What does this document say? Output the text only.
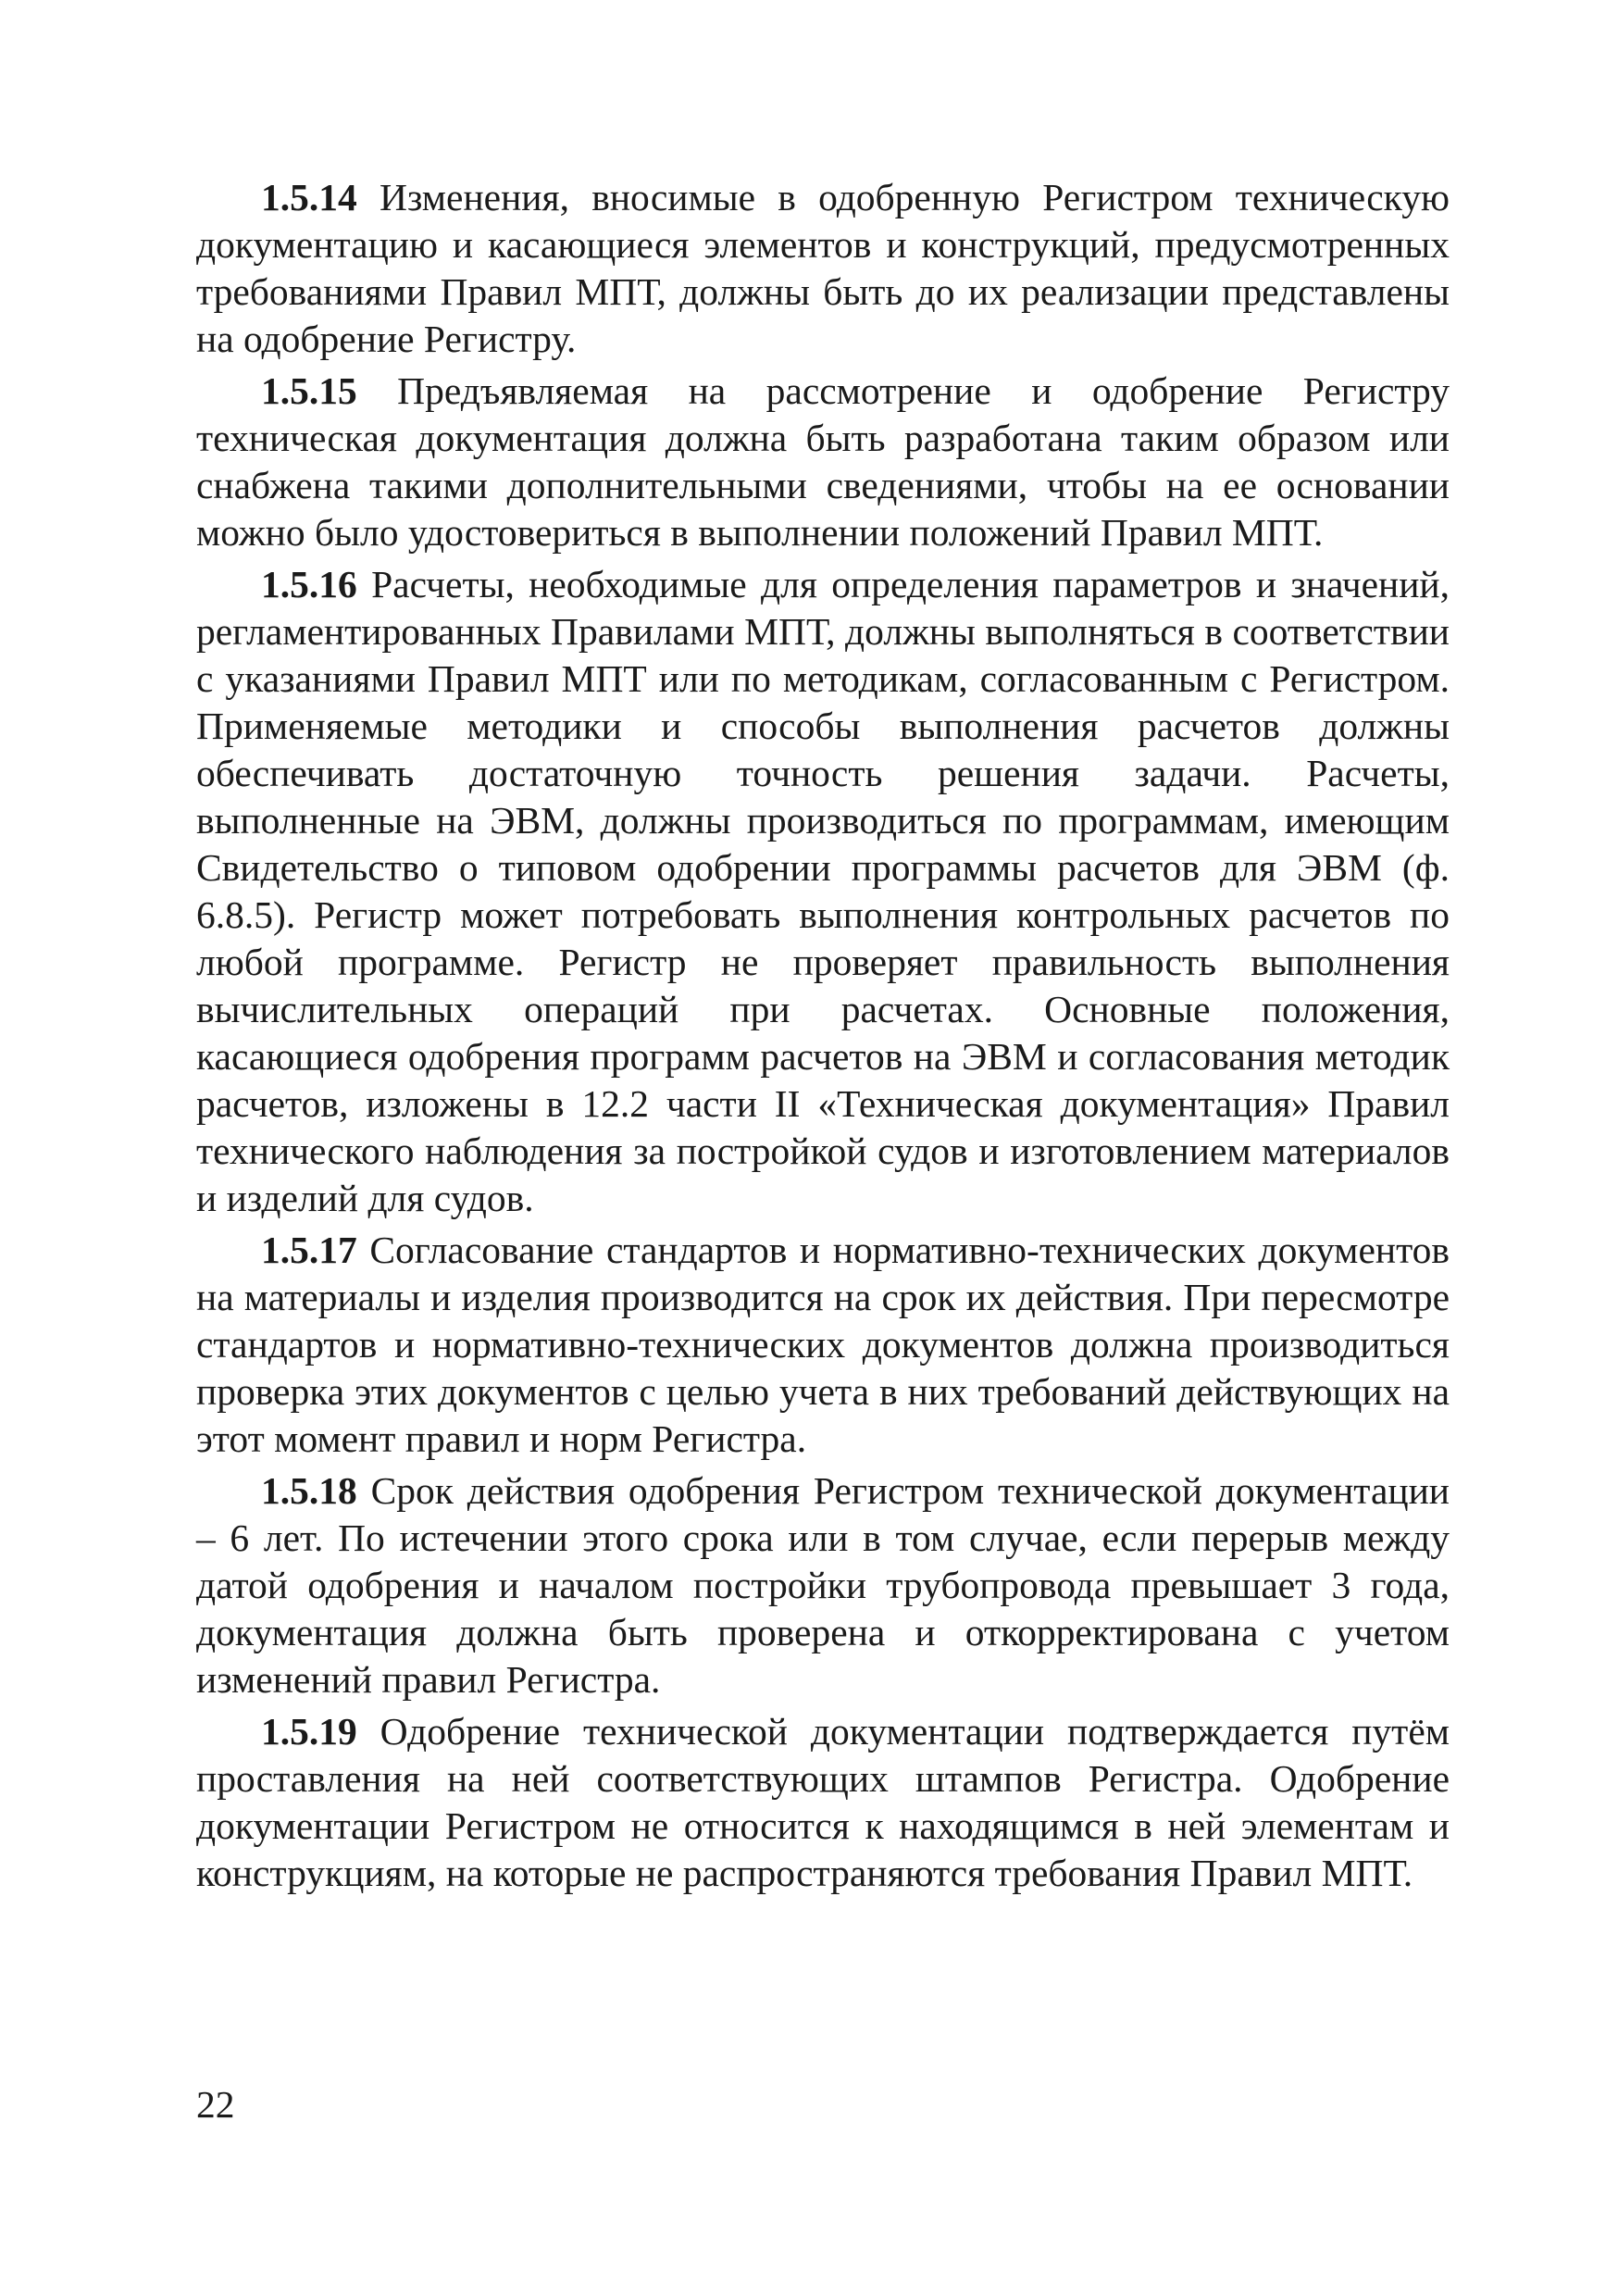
1.5.14 Изменения, вносимые в одобренную Регистром техническую документацию и касающиеся элементов и конструкций, предусмотренных требованиями Правил МПТ, должны быть до их реализации представлены на одобрение Регистру.

1.5.15 Предъявляемая на рассмотрение и одобрение Регистру техническая документация должна быть разработана таким образом или снабжена такими дополнительными сведениями, чтобы на ее основании можно было удостовериться в выполнении положений Правил МПТ.

1.5.16 Расчеты, необходимые для определения параметров и значений, регламентированных Правилами МПТ, должны выполняться в соответствии с указаниями Правил МПТ или по методикам, согласованным с Регистром. Применяемые методики и способы выполнения расчетов должны обеспечивать достаточную точность решения задачи. Расчеты, выполненные на ЭВМ, должны производиться по программам, имеющим Свидетельство о типовом одобрении программы расчетов для ЭВМ (ф. 6.8.5). Регистр может потребовать выполнения контрольных расчетов по любой программе. Регистр не проверяет правильность выполнения вычислительных операций при расчетах. Основные положения, касающиеся одобрения программ расчетов на ЭВМ и согласования методик расчетов, изложены в 12.2 части II «Техническая документация» Правил технического наблюдения за постройкой судов и изготовлением материалов и изделий для судов.

1.5.17 Согласование стандартов и нормативно-технических документов на материалы и изделия производится на срок их действия. При пересмотре стандартов и нормативно-технических документов должна производиться проверка этих документов с целью учета в них требований действующих на этот момент правил и норм Регистра.

1.5.18 Срок действия одобрения Регистром технической документации – 6 лет. По истечении этого срока или в том случае, если перерыв между датой одобрения и началом постройки трубопровода превышает 3 года, документация должна быть проверена и откорректирована с учетом изменений правил Регистра.

1.5.19 Одобрение технической документации подтверждается путём проставления на ней соответствующих штампов Регистра. Одобрение документации Регистром не относится к находящимся в ней элементам и конструкциям, на которые не распространяются требования Правил МПТ.

22
